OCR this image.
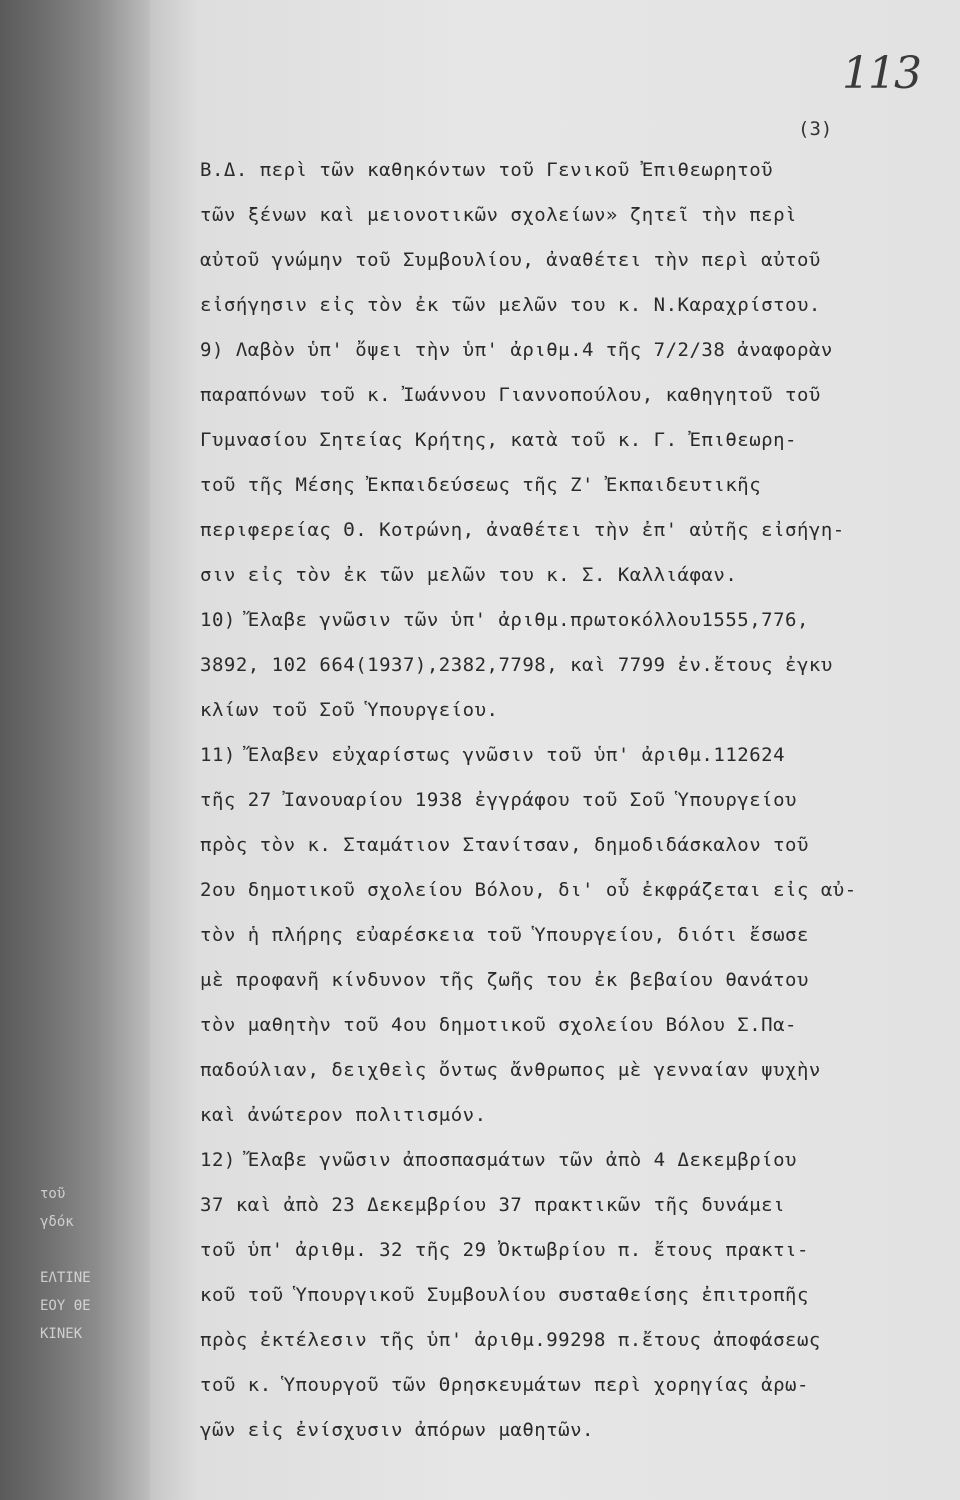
τοῦ
γδόκ
ΕΛΤΙΝΕ
ΕΟΥ ΘΕ
ΚΙΝΕΚ
113
(3)
Β.Δ. περὶ τῶν καθηκόντων τοῦ Γενικοῦ Ἐπιθεωρητοῦ
τῶν ξένων καὶ μειονοτικῶν σχολείων» ζητεῖ τὴν περὶ
αὐτοῦ γνώμην τοῦ Συμβουλίου, ἀναθέτει τὴν περὶ αὐτοῦ
εἰσήγησιν εἰς τὸν ἐκ τῶν μελῶν του κ. Ν.Καραχρίστου.
9) Λαβὸν ὑπ' ὄψει τὴν ὑπ' ἀριθμ.4 τῆς 7/2/38 ἀναφορὰν
παραπόνων τοῦ κ. Ἰωάννου Γιαννοπούλου, καθηγητοῦ τοῦ
Γυμνασίου Σητείας Κρήτης, κατὰ τοῦ κ. Γ. Ἐπιθεωρη-
τοῦ τῆς Μέσης Ἐκπαιδεύσεως τῆς Ζ' Ἐκπαιδευτικῆς
περιφερείας Θ. Κοτρώνη, ἀναθέτει τὴν ἐπ' αὐτῆς εἰσήγη-
σιν εἰς τὸν ἐκ τῶν μελῶν του κ. Σ. Καλλιάφαν.
10) Ἔλαβε γνῶσιν τῶν ὑπ' ἀριθμ.πρωτοκόλλου1555,776,
3892, 102 664(1937),2382,7798, καὶ 7799 ἐν.ἔτους ἐγκυ
κλίων τοῦ Σοῦ Ὑπουργείου.
11) Ἔλαβεν εὐχαρίστως γνῶσιν τοῦ ὑπ' ἀριθμ.112624
τῆς 27 Ἰανουαρίου 1938 ἐγγράφου τοῦ Σοῦ Ὑπουργείου
πρὸς τὸν κ. Σταμάτιον Στανίτσαν, δημοδιδάσκαλον τοῦ
2ου δημοτικοῦ σχολείου Βόλου, δι' οὗ ἐκφράζεται εἰς αὐ-
τὸν ἡ πλήρης εὐαρέσκεια τοῦ Ὑπουργείου, διότι ἔσωσε
μὲ προφανῆ κίνδυνον τῆς ζωῆς του ἐκ βεβαίου θανάτου
τὸν μαθητὴν τοῦ 4ου δημοτικοῦ σχολείου Βόλου Σ.Πα-
παδούλιαν, δειχθεὶς ὄντως ἄνθρωπος μὲ γενναίαν ψυχὴν
καὶ ἀνώτερον πολιτισμόν.
12) Ἔλαβε γνῶσιν ἀποσπασμάτων τῶν ἀπὸ 4 Δεκεμβρίου
37 καὶ ἀπὸ 23 Δεκεμβρίου 37 πρακτικῶν τῆς δυνάμει
τοῦ ὑπ' ἀριθμ. 32 τῆς 29 Ὀκτωβρίου π. ἔτους πρακτι-
κοῦ τοῦ Ὑπουργικοῦ Συμβουλίου συσταθείσης ἐπιτροπῆς
πρὸς ἐκτέλεσιν τῆς ὑπ' ἀριθμ.99298 π.ἔτους ἀποφάσεως
τοῦ κ. Ὑπουργοῦ τῶν Θρησκευμάτων περὶ χορηγίας ἀρω-
γῶν εἰς ἐνίσχυσιν ἀπόρων μαθητῶν.
